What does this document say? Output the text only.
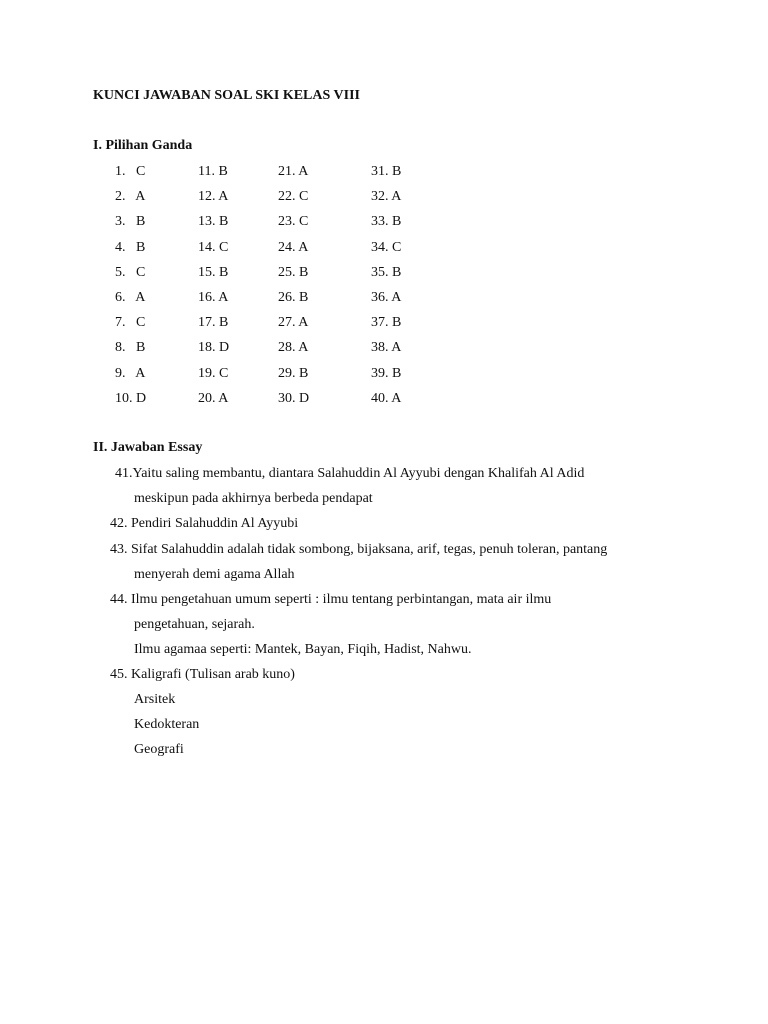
KUNCI JAWABAN SOAL SKI KELAS VIII
I. Pilihan Ganda
1.   C	11. B	21. A	31. B
2.   A	12. A	22. C	32. A
3.   B	13. B	23. C	33. B
4.   B	14. C	24. A	34. C
5.   C	15. B	25. B	35. B
6.   A	16. A	26. B	36. A
7.   C	17. B	27. A	37. B
8.   B	18. D	28. A	38. A
9.   A	19. C	29. B	39. B
10. D	20. A	30. D	40. A
II. Jawaban Essay
41.Yaitu saling membantu, diantara Salahuddin Al Ayyubi dengan Khalifah Al Adid
meskipun pada akhirnya berbeda pendapat
42. Pendiri Salahuddin Al Ayyubi
43. Sifat Salahuddin adalah tidak sombong, bijaksana, arif, tegas, penuh toleran, pantang
menyerah demi agama Allah
44. Ilmu pengetahuan umum seperti : ilmu tentang perbintangan, mata air ilmu
pengetahuan, sejarah.
Ilmu agamaa seperti: Mantek, Bayan, Fiqih, Hadist, Nahwu.
45. Kaligrafi (Tulisan arab kuno)
Arsitek
Kedokteran
Geografi
